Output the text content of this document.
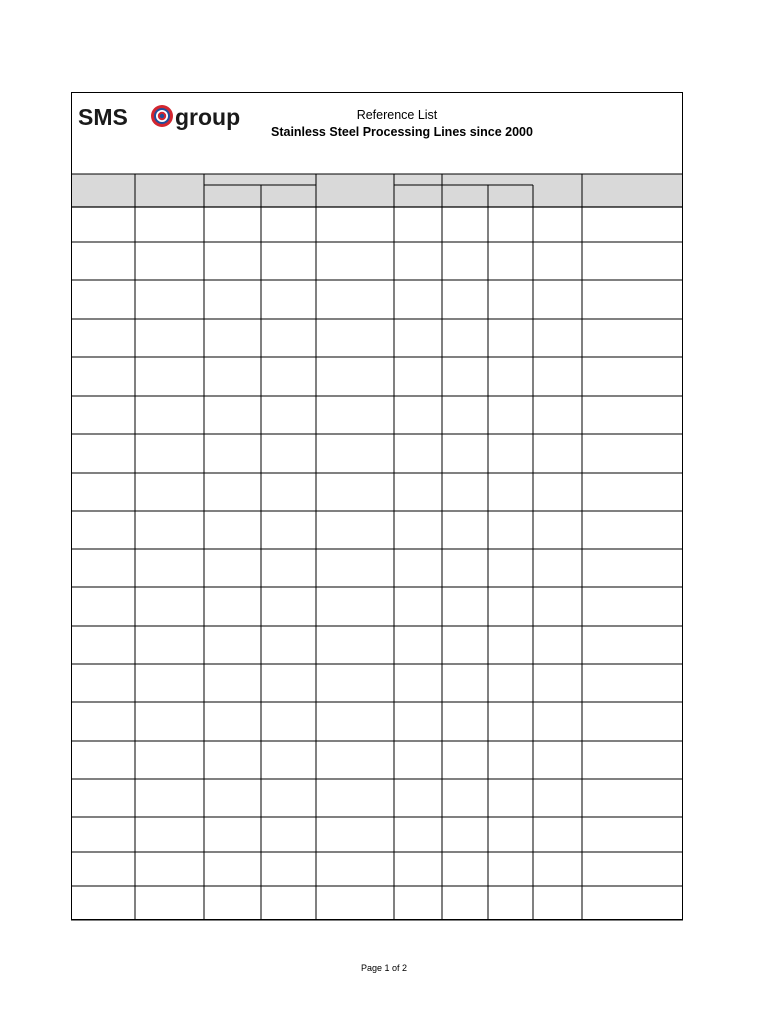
SMS group	Reference List
Stainless Steel Processing Lines since 2000
Page 1 of 2
